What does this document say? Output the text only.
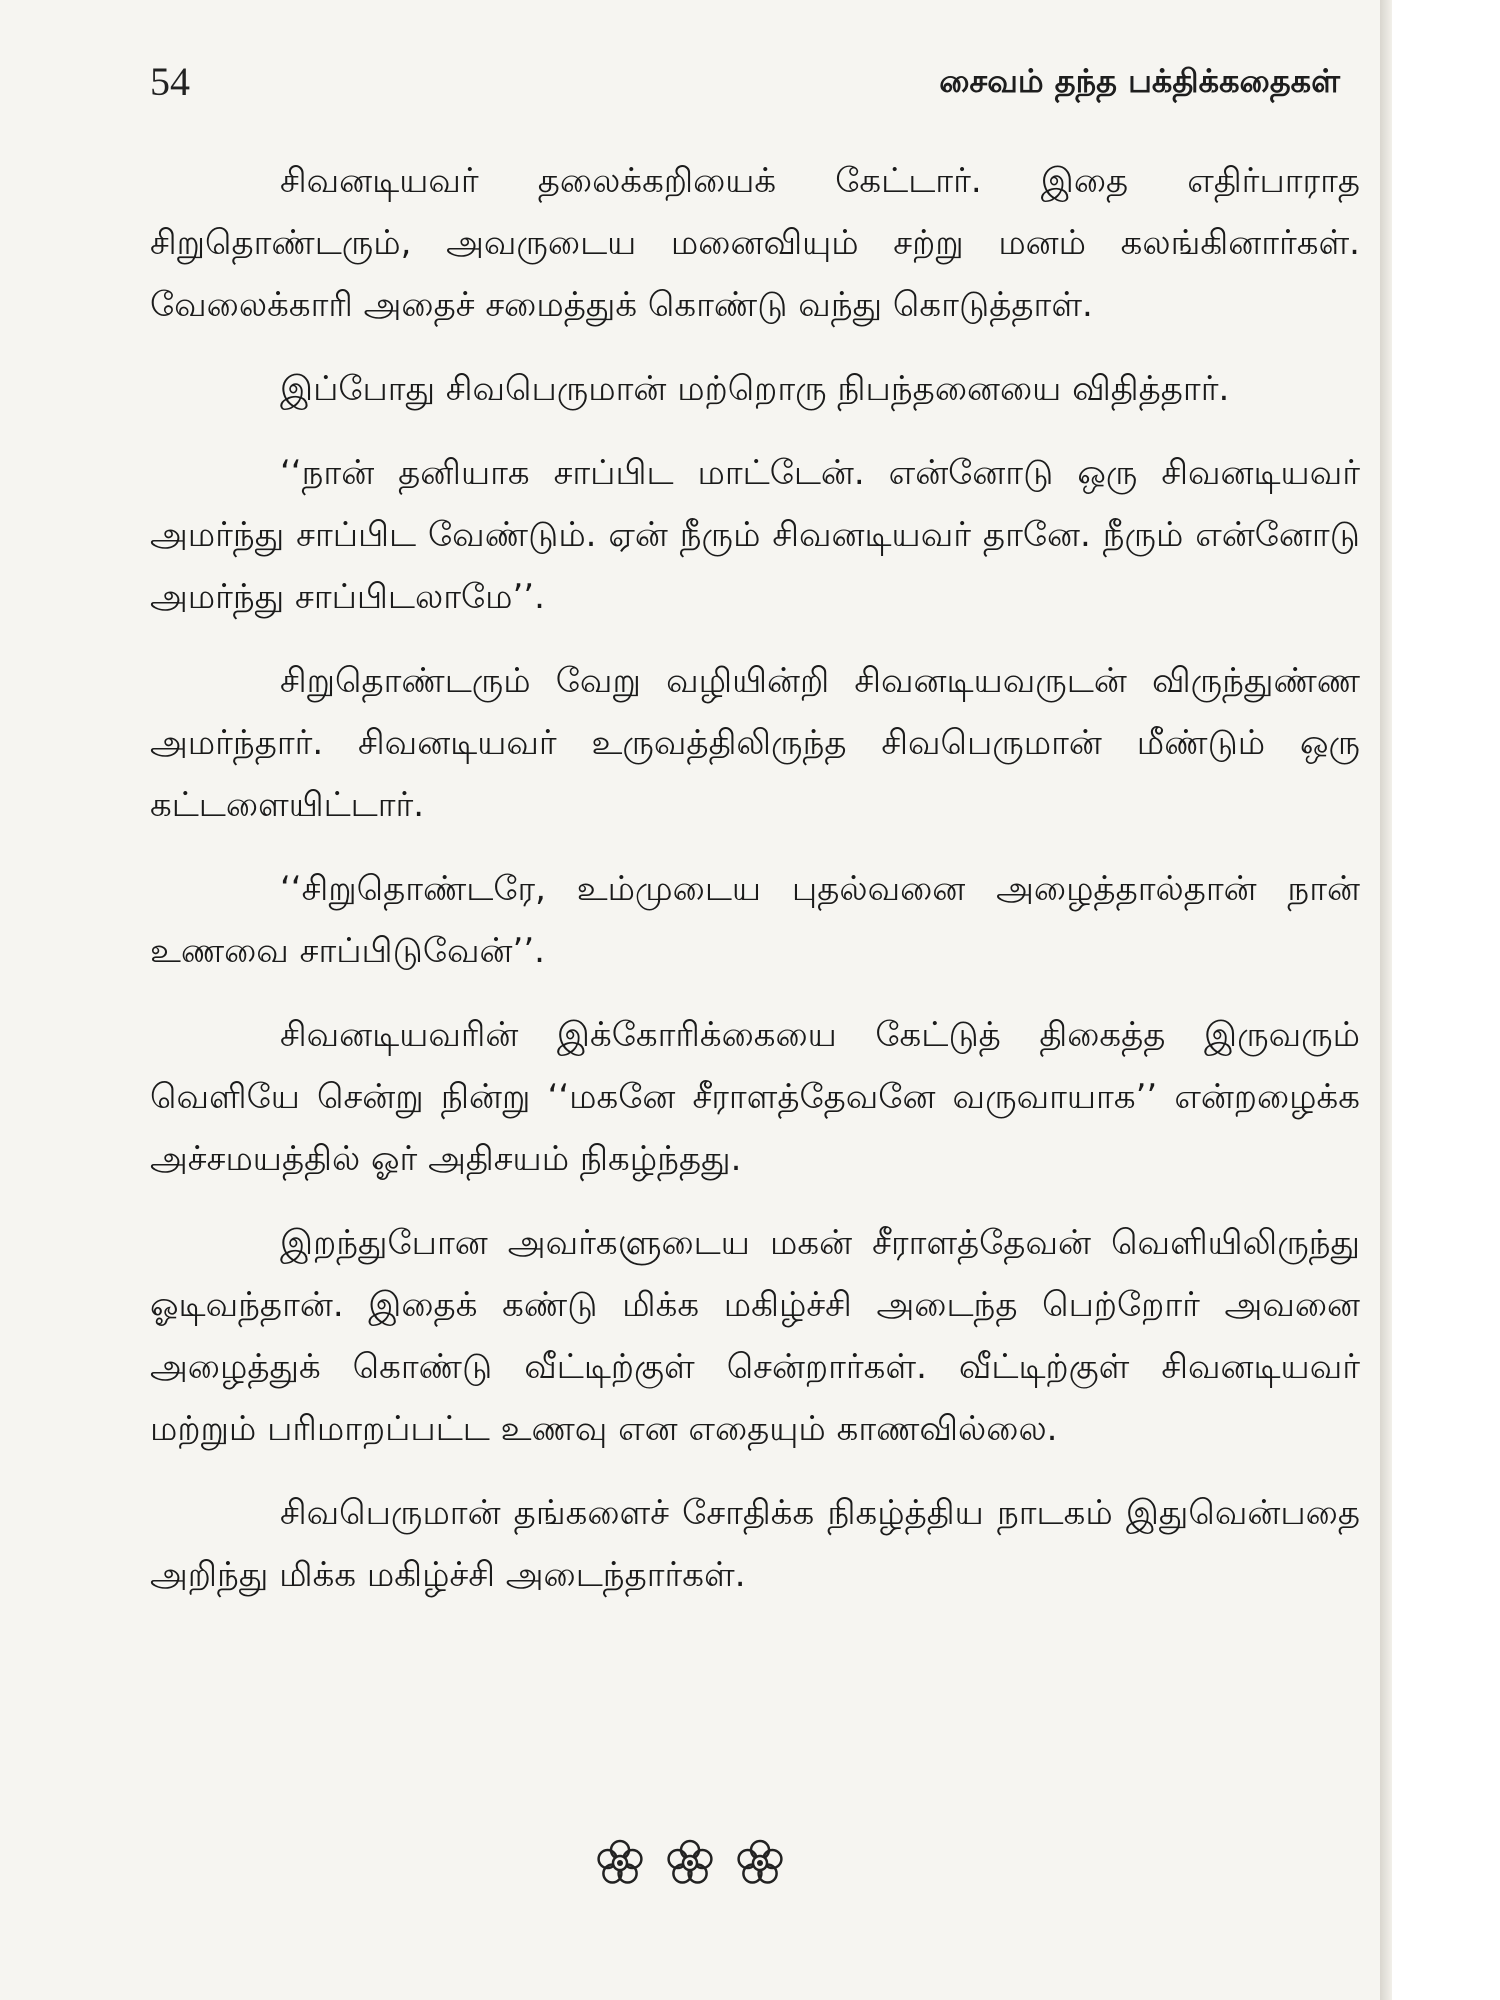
54	சைவம் தந்த பக்திக்கதைகள்

சிவனடியவர் தலைக்கறியைக் கேட்டார். இதை எதிர்பாராத சிறுதொண்டரும், அவருடைய மனைவியும் சற்று மனம் கலங்கினார்கள். வேலைக்காரி அதைச் சமைத்துக் கொண்டு வந்து கொடுத்தாள்.

இப்போது சிவபெருமான் மற்றொரு நிபந்தனையை விதித்தார்.

‘‘நான் தனியாக சாப்பிட மாட்டேன். என்னோடு ஒரு சிவனடியவர் அமர்ந்து சாப்பிட வேண்டும். ஏன் நீரும் சிவனடியவர் தானே. நீரும் என்னோடு அமர்ந்து சாப்பிடலாமே’’.

சிறுதொண்டரும் வேறு வழியின்றி சிவனடியவருடன் விருந்துண்ண அமர்ந்தார். சிவனடியவர் உருவத்திலிருந்த சிவபெருமான் மீண்டும் ஒரு கட்டளையிட்டார்.

‘‘சிறுதொண்டரே, உம்முடைய புதல்வனை அழைத்தால்தான் நான் உணவை சாப்பிடுவேன்’’.

சிவனடியவரின் இக்கோரிக்கையை கேட்டுத் திகைத்த இருவரும் வெளியே சென்று நின்று ‘‘மகனே சீராளத்தேவனே வருவாயாக’’ என்றழைக்க அச்சமயத்தில் ஓர் அதிசயம் நிகழ்ந்தது.

இறந்துபோன அவர்களுடைய மகன் சீராளத்தேவன் வெளியிலிருந்து ஓடிவந்தான். இதைக் கண்டு மிக்க மகிழ்ச்சி அடைந்த பெற்றோர் அவனை அழைத்துக் கொண்டு வீட்டிற்குள் சென்றார்கள். வீட்டிற்குள் சிவனடியவர் மற்றும் பரிமாறப்பட்ட உணவு என எதையும் காணவில்லை.

சிவபெருமான் தங்களைச் சோதிக்க நிகழ்த்திய நாடகம் இதுவென்பதை அறிந்து மிக்க மகிழ்ச்சி அடைந்தார்கள்.
